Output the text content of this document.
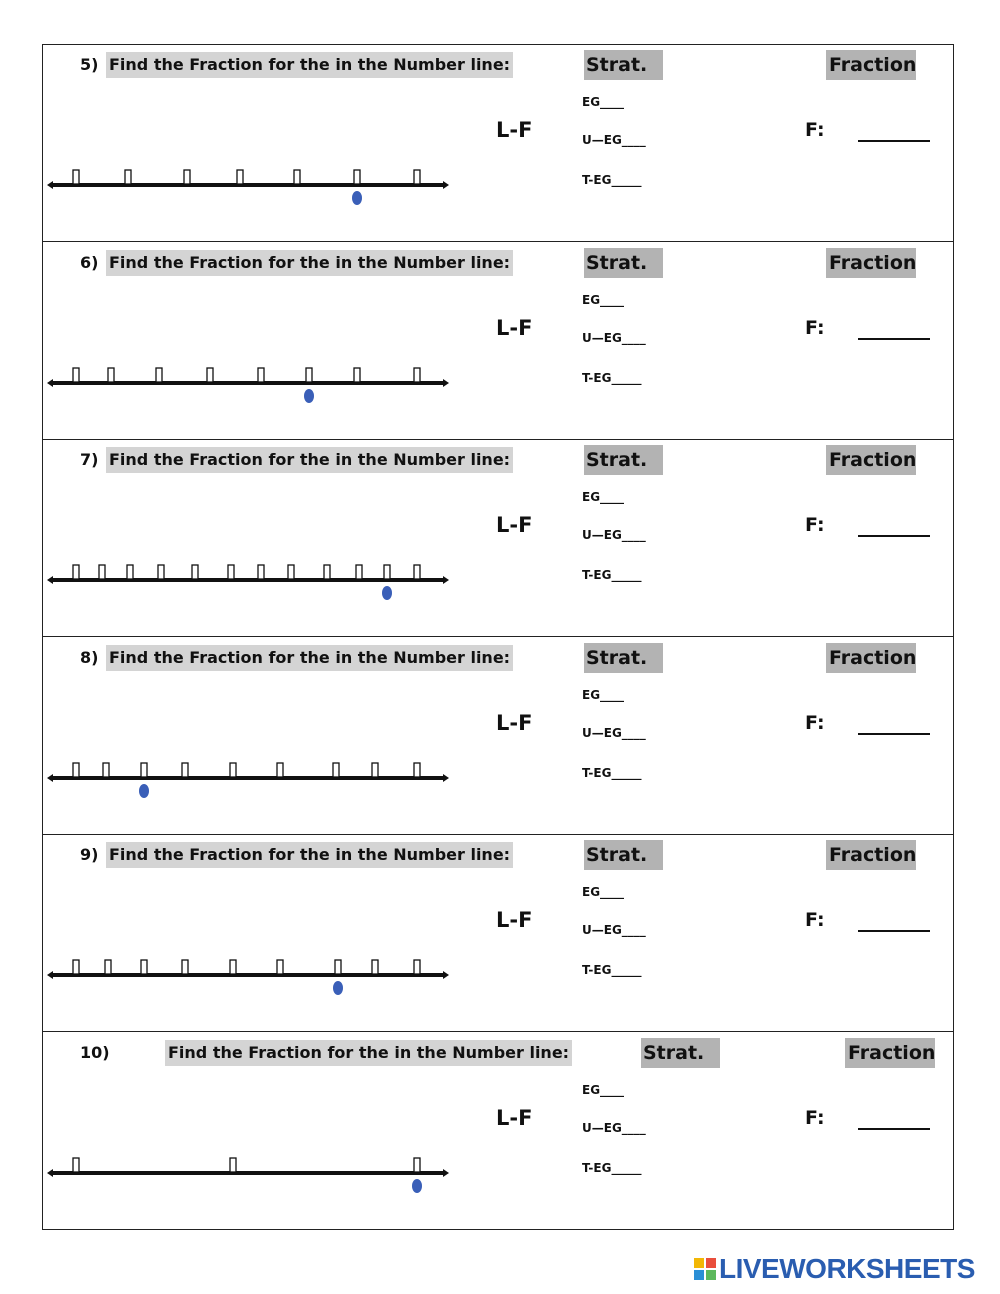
5) Find the Fraction for the in the Number line:	Strat.	Fraction
L-F
EG____
U—EG____
T-EG_____
F:
6) Find the Fraction for the in the Number line:	Strat.	Fraction
L-F
EG____
U—EG____
T-EG_____
F:
7) Find the Fraction for the in the Number line:	Strat.	Fraction
L-F
EG____
U—EG____
T-EG_____
F:
8) Find the Fraction for the in the Number line:	Strat.	Fraction
L-F
EG____
U—EG____
T-EG_____
F:
9) Find the Fraction for the in the Number line:	Strat.	Fraction
L-F
EG____
U—EG____
T-EG_____
F:
10)	Find the Fraction for the in the Number line:	Strat.	Fraction
L-F
EG____
U—EG____
T-EG_____
F:
LIVEWORKSHEETS
